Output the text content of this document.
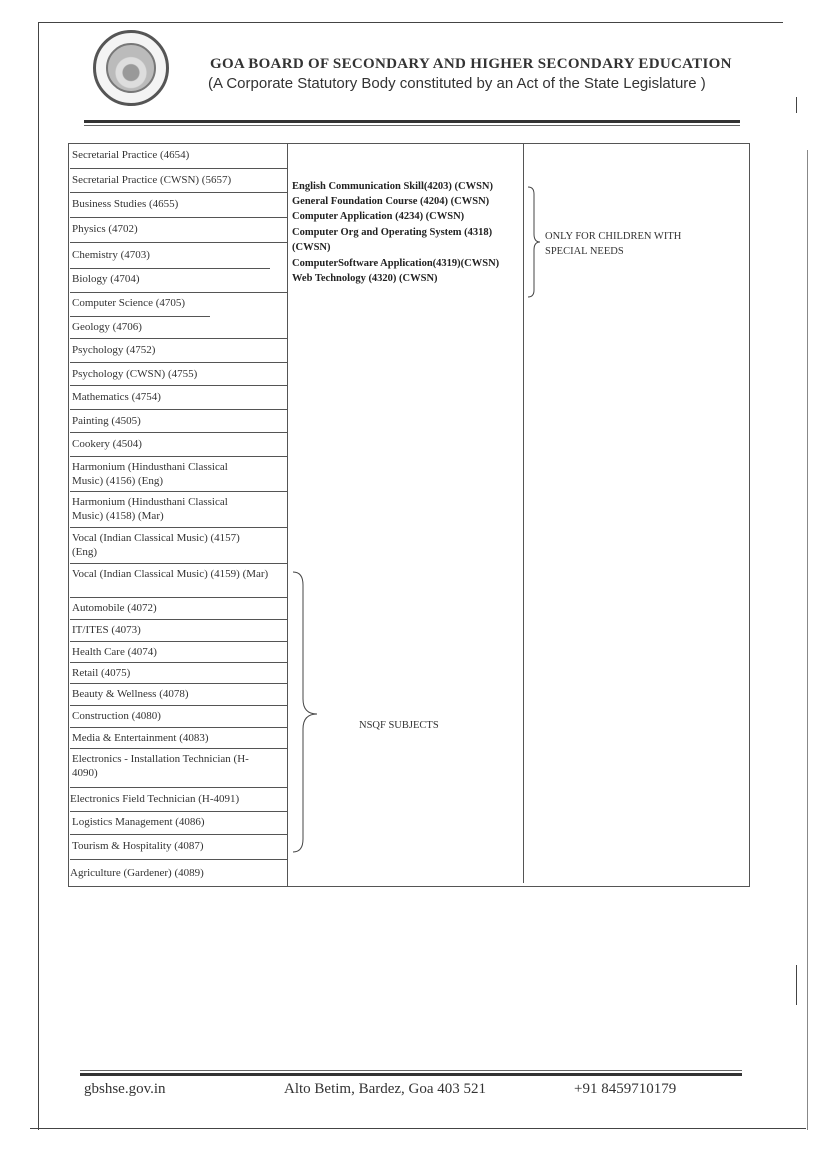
GOA BOARD OF SECONDARY AND HIGHER SECONDARY EDUCATION
(A Corporate Statutory Body constituted by an Act of the State Legislature )
Secretarial Practice (4654)
Secretarial Practice (CWSN) (5657)
Business Studies (4655)
Physics (4702)
Chemistry (4703)
Biology (4704)
Computer Science (4705)
Geology (4706)
Psychology (4752)
Psychology (CWSN) (4755)
Mathematics (4754)
Painting (4505)
Cookery (4504)
Harmonium (Hindusthani Classical Music) (4156) (Eng)
Harmonium (Hindusthani Classical Music) (4158) (Mar)
Vocal (Indian Classical Music) (4157) (Eng)
Vocal (Indian Classical Music) (4159) (Mar)
Automobile (4072)
IT/ITES (4073)
Health Care (4074)
Retail (4075)
Beauty & Wellness (4078)
Construction (4080)
Media & Entertainment (4083)
Electronics - Installation Technician (H-4090)
Electronics Field Technician (H-4091)
Logistics Management (4086)
Tourism & Hospitality (4087)
Agriculture (Gardener) (4089)
English Communication Skill(4203) (CWSN)
General Foundation Course (4204) (CWSN)
Computer Application (4234) (CWSN)
Computer Org and Operating System (4318)
(CWSN)
ComputerSoftware Application(4319)(CWSN)
Web Technology (4320) (CWSN)
ONLY FOR CHILDREN WITH
SPECIAL NEEDS
NSQF SUBJECTS
gbshse.gov.in	Alto Betim, Bardez, Goa 403 521	+91 8459710179
